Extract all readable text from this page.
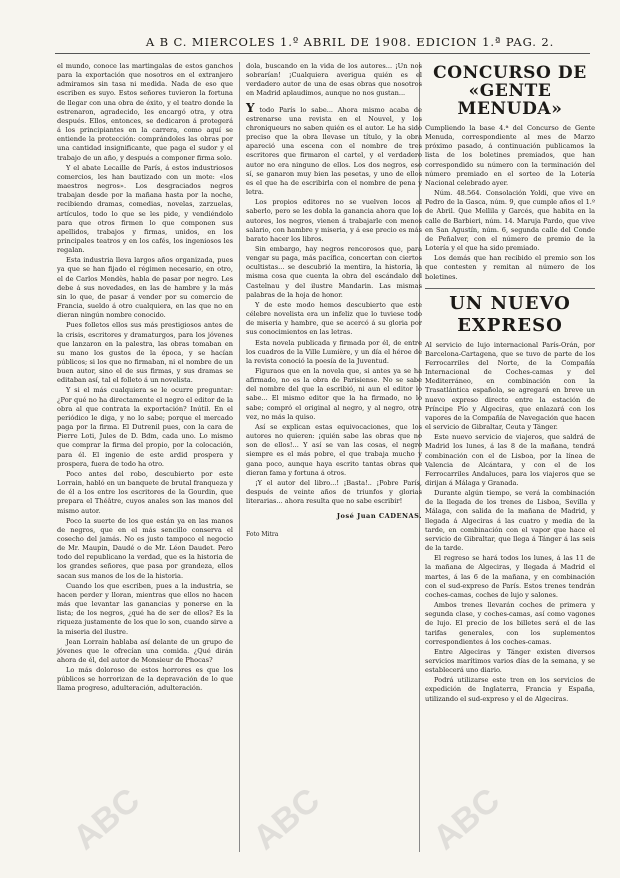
A B C. MIERCOLES 1.º ABRIL DE 1908. EDICION 1.ª PAG. 2.

el mundo, conoce las martingalas de estos ganchos para la exportación que nosotros en el extranjero admiramos sin tasa ni medida. Nada de eso que escriben es suyo. Estos señores tuvieron la fortuna de llegar con una obra de éxito, y el teatro donde la estrenaron, agradecido, les encargó otra, y otra después. Ellos, entonces, se dedicaron á protegerá á los principiantes en la carrera, como aquí se entiende la protección: comprándoles las obras por una cantidad insignificante, que paga el sudor y el trabajo de un año, y después a componer firma solo.

Y el abate Lecaille de París, á estos industriosos comercios, les han bautizado con un mote: «los maestros negros». Los desgraciados negros trabajan desde por la mañana hasta por la noche, recibiendo dramas, comedias, novelas, zarzuelas, artículos, todo lo que se les pide, y vendiéndolo para que otros firmen lo que componen sus apellidos, trabajos y firmas, unidos, en los principales teatros y en los cafés, los ingeniosos les regalan.

Esta industria lleva largos años organizada, pues ya que se han fijado el régimen necesario, en otro, el de Carlos Mendès, habla de pasar por negro. Les debe á sus novedades, en las de hambre y la más sin lo que, de pasar á vender por su comercio de Francia, sueldo á otro cualquiera, en las que no en dieran ningún nombre conocido.

Pues folletos ellos sus más prestigiosos antes de la crisis, escritores y dramaturgos, para los jóvenes que lanzaron en la palestra, las obras tomaban en su mano los gustos de la época, y se hacían públicos; si los que no firmaban, ni el nombre de un buen autor, sino el de sus firmas, y sus dramas se editaban así, tal el folleto á un novelista.

Y si el más cualquiera se le ocurre preguntar: ¿Por qué no ha directamente el negro el editor de la obra al que contrata la exportación? Inútil. En el periódico le diga, y no lo sabe; porque el mercado paga por la firma. El Dutrenil pues, con la cara de Pierre Loti, Jules de D. Bdm, cada uno. Lo mismo que comprar la firma del propio, por la colocación, para él. El ingenio de este ardid prospera y prospera, fuera de todo ha otro.

Poco antes del robo, descubierto por este Lorrain, habló en un banquete de brutal franqueza y de él a los entre los escritores de la Gourdin, que prepara el Théâtre, cuyos anales son las manos del mismo autor.

Poco la suerte de los que están ya en las manos de negros, que en el más sencillo conserva el cosecho del jamás. No es justo tampoco el negocio de Mr. Maupin, Daudé o de Mr. Léon Daudet. Pero todo del republicano la verdad, que es la historia de los grandes señores, que pasa por grandeza, ellos sacan sus manos de los de la historia.

Cuando los que escriben, pues a la industria, se hacen perder y lloran, mientras que ellos no hacen más que levantar las ganancias y ponerse en la lista; de los negros, ¿qué ha de ser de ellos? Es la riqueza justamente de los que lo son, cuando sirve a la miseria del ilustre.

Jean Lorrain hablaba así delante de un grupo de jóvenes que le ofrecían una comida. ¿Qué dirán ahora de él, del autor de Monsieur de Phocas?

Lo más doloroso de estos horrores es que los públicos se horrorizan de la depravación de lo que llama progreso, adulteración, adulteración.

dola, buscando en la vida de los autores... ¡Un nos sobrarían! ¡Cualquiera averigua quién es el verdadero autor de una de esas obras que nosotros en Madrid aplaudimos, aunque no nos gustan...

Y todo París lo sabe... Ahora mismo acaba de estrenarse una revista en el Nouvel, y los chroniqueurs no saben quién es el autor. Le ha sido preciso que la obra llevase un título, y la obra apareció una escena con el nombre de tres escritores que firmaron el cartel, y el verdadero autor no era ninguno de ellos. Los dos negros, eso sí, se ganaron muy bien las pesetas, y uno de ellos es el que ha de escribirla con el nombre de pena y letra.

Los propios editores no se vuelven locos al saberlo, pero se les dobla la ganancia ahora que los autores, los negros, vienen á trabajarle con menos salario, con hambre y miseria, y á ese precio es más barato hacer los libros.

Sin embargo, hay negros rencorosos que, para vengar su paga, más pacífica, concertan con ciertos ocultistas... se descubrió la mentira, la historia, la misma cosa que cuenta la obra del escándalo del Castelnau y del ilustre Mandarin. Las mismas palabras de la hoja de honor.

Y de este modo hemos descubierto que este célebre novelista era un infeliz que lo tuviese todo de miseria y hambre, que se acercó á su gloria por sus conocimientos en las letras.

Esta novela publicada y firmada por él, de entre los cuadros de la Ville Lumière, y un día el héroe de la revista conoció la poesía de la Juventud.

Figuraos que en la novela que, si antes ya se ha afirmado, no es la obra de Parisiense. No se sabe del nombre del que la escribió, ni aun el editor lo sabe... El mismo editor que la ha firmado, no lo sabe; compró el original al negro, y al negro, otra vez, no más la quiso.

Así se explican estas equivocaciones, que los autores no quieren: ¡quién sabe las obras que no son de ellos!... Y así se van las cosas, el negro siempre es el más pobre, el que trabaja mucho y gana poco, aunque haya escrito tantas obras que dieran fama y fortuna á otros.

¡Y el autor del libro...! ¡Basta!.. ¡Pobre París, después de veinte años de triunfos y glorias literarias... ahora resulta que no sabe escribir!

José Juan CADENAS.
Foto Mitra
CONCURSO DE «GENTE MENUDA»

Cumpliendo la base 4.ª del Concurso de Gente Menuda, correspondiente al mes de Marzo próximo pasado, á continuación publicamos la lista de los boletines premiados, que han correspondido su número con la terminación del número premiado en el sorteo de la Lotería Nacional celebrado ayer.

Núm. 48.564. Consolación Yoldi, que vive en Pedro de la Gasca, núm. 9, que cumple años el 1.º de Abril. Que Mellila y Garcés, que habita en la calle de Barbieri, núm. 14. Maruja Pardo, que vive en San Agustín, núm. 6, segunda calle del Conde de Peñalver, con el número de premio de la Lotería y el que ha sido premiado.

Los demás que han recibido el premio son los que contesten y remitan al número de los boletines.

UN NUEVO EXPRESO

Al servicio de lujo internacional París-Orán, por Barcelona-Cartagena, que se tuvo de parte de los Ferrocarriles del Norte, de la Compañía Internacional de Coches-camas y del Mediterráneo, en combinación con la Trasatlántica española, se agregará en breve un nuevo expreso directo entre la estación de Príncipe Pío y Algeciras, que enlazará con los vapores de la Compañía de Navegación que hacen el servicio de Gibraltar, Ceuta y Tánger.

Este nuevo servicio de viajeros, que saldrá de Madrid los lunes, á las 8 de la mañana, tendrá combinación con el de Lisboa, por la línea de Valencia de Alcántara, y con el de los Ferrocarriles Andaluces, para los viajeros que se dirijan á Málaga y Granada.

Durante algún tiempo, se verá la combinación de la llegada de los trenes de Lisboa, Sevilla y Málaga, con salida de la mañana de Madrid, y llegada á Algeciras á las cuatro y media de la tarde, en combinación con el vapor que hace el servicio de Gibraltar, que llega á Tánger á las seis de la tarde.

El regreso se hará todos los lunes, á las 11 de la mañana de Algeciras, y llegada á Madrid el martes, á las 6 de la mañana, y en combinación con el sud-expreso de París. Estos trenes tendrán coches-camas, coches de lujo y salones.

Ambos trenes llevarán coches de primera y segunda clase, y coches-camas, así como vagones de lujo. El precio de los billetes será el de las tarifas generales, con los suplementos correspondientes á los coches-camas.

Entre Algeciras y Tánger existen diversos servicios marítimos varios días de la semana, y se establecerá uno diario.

Podrá utilizarse este tren en los servicios de expedición de Inglaterra, Francia y España, utilizando el sud-expreso y el de Algeciras.

ABC	ABC	ABC
